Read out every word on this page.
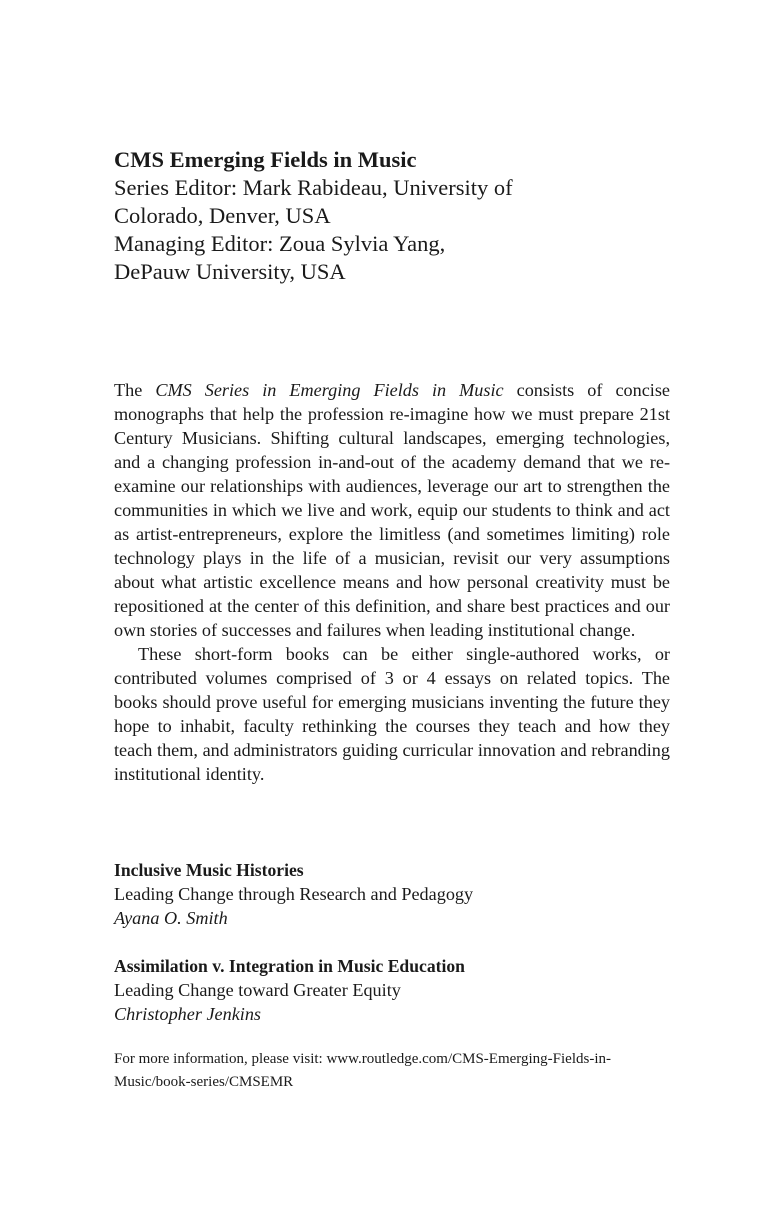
CMS Emerging Fields in Music
Series Editor: Mark Rabideau, University of
Colorado, Denver, USA
Managing Editor: Zoua Sylvia Yang,
DePauw University, USA

The CMS Series in Emerging Fields in Music consists of concise monographs that help the profession re-imagine how we must prepare 21st Century Musicians. Shifting cultural landscapes, emerging technologies, and a changing profession in-and-out of the academy demand that we re-examine our relationships with audiences, leverage our art to strengthen the communities in which we live and work, equip our students to think and act as artist-entrepreneurs, explore the limitless (and sometimes limiting) role technology plays in the life of a musician, revisit our very assumptions about what artistic excellence means and how personal creativity must be repositioned at the center of this definition, and share best practices and our own stories of successes and failures when leading institutional change.

These short-form books can be either single-authored works, or contributed volumes comprised of 3 or 4 essays on related topics. The books should prove useful for emerging musicians inventing the future they hope to inhabit, faculty rethinking the courses they teach and how they teach them, and administrators guiding curricular innovation and rebranding institutional identity.

Inclusive Music Histories
Leading Change through Research and Pedagogy
Ayana O. Smith
Assimilation v. Integration in Music Education
Leading Change toward Greater Equity
Christopher Jenkins
For more information, please visit: www.routledge.com/CMS-Emerging-Fields-in-
Music/book-series/CMSEMR
